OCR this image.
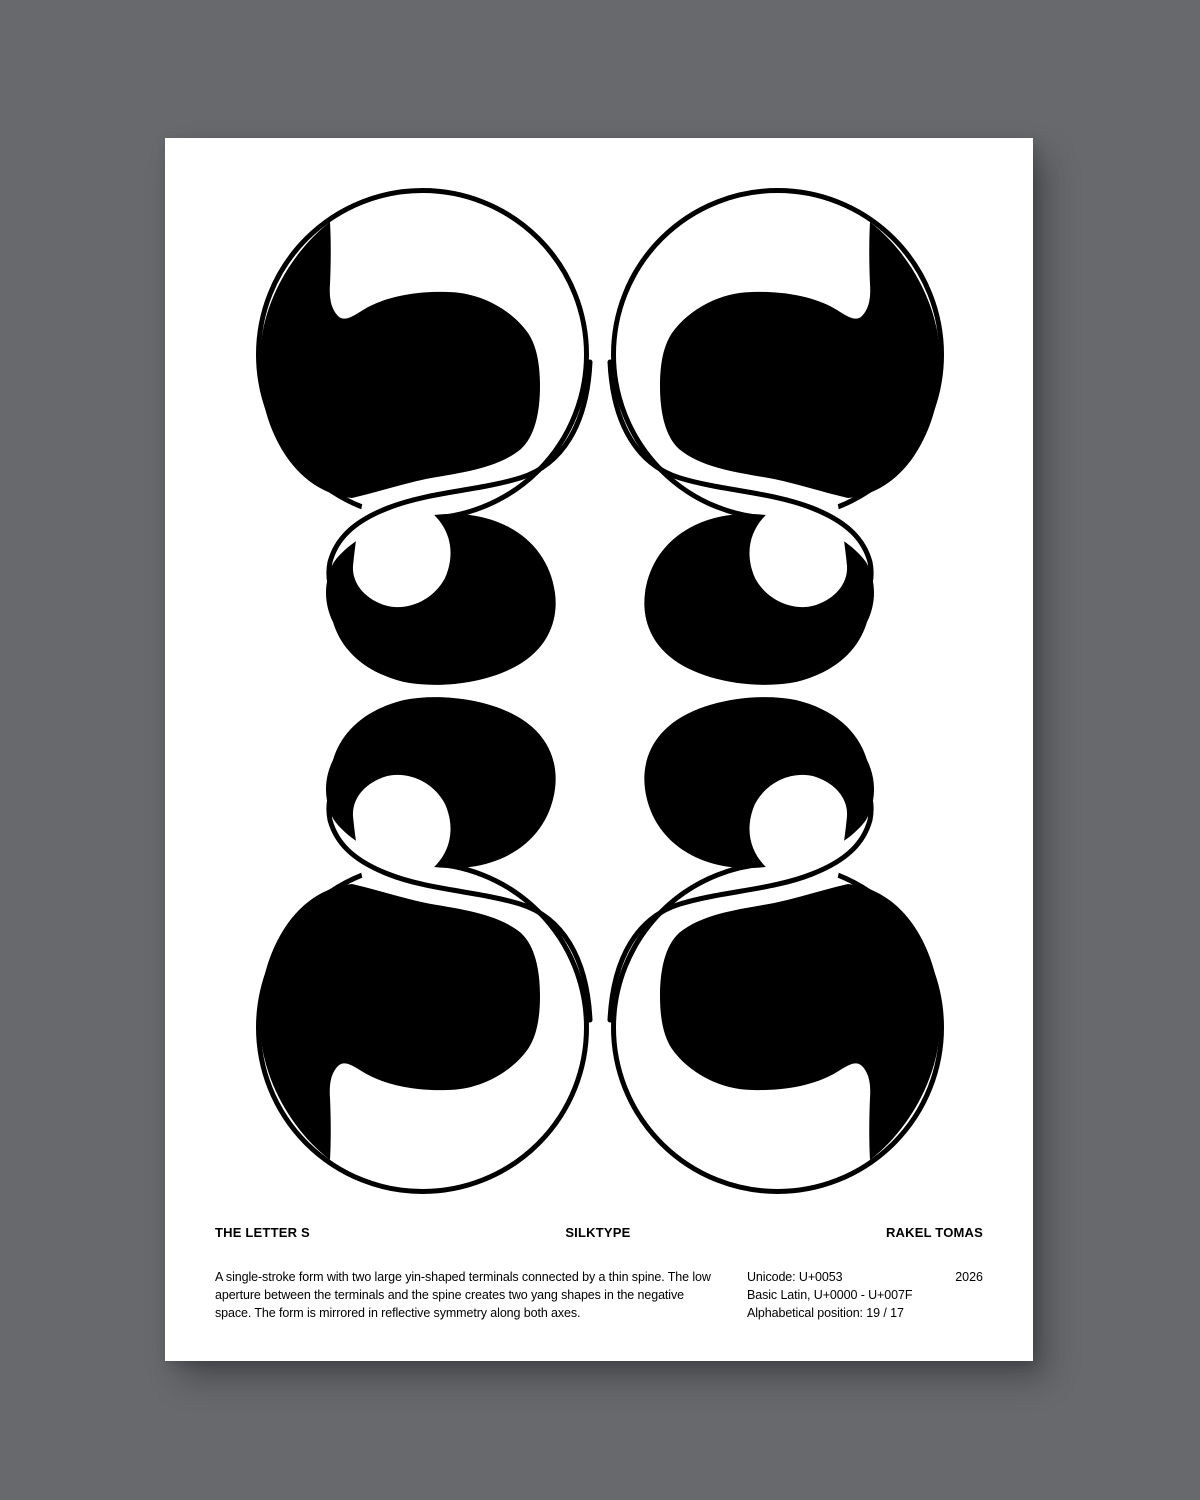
THE LETTER S	SILKTYPE	RAKEL TOMAS

A single-stroke form with two large yin-shaped terminals connected by a thin spine. The low aperture between the terminals and the spine creates two yang shapes in the negative space. The form is mirrored in reflective symmetry along both axes.

Unicode: U+0053
Basic Latin, U+0000 - U+007F
Alphabetical position: 19 / 17
2026
